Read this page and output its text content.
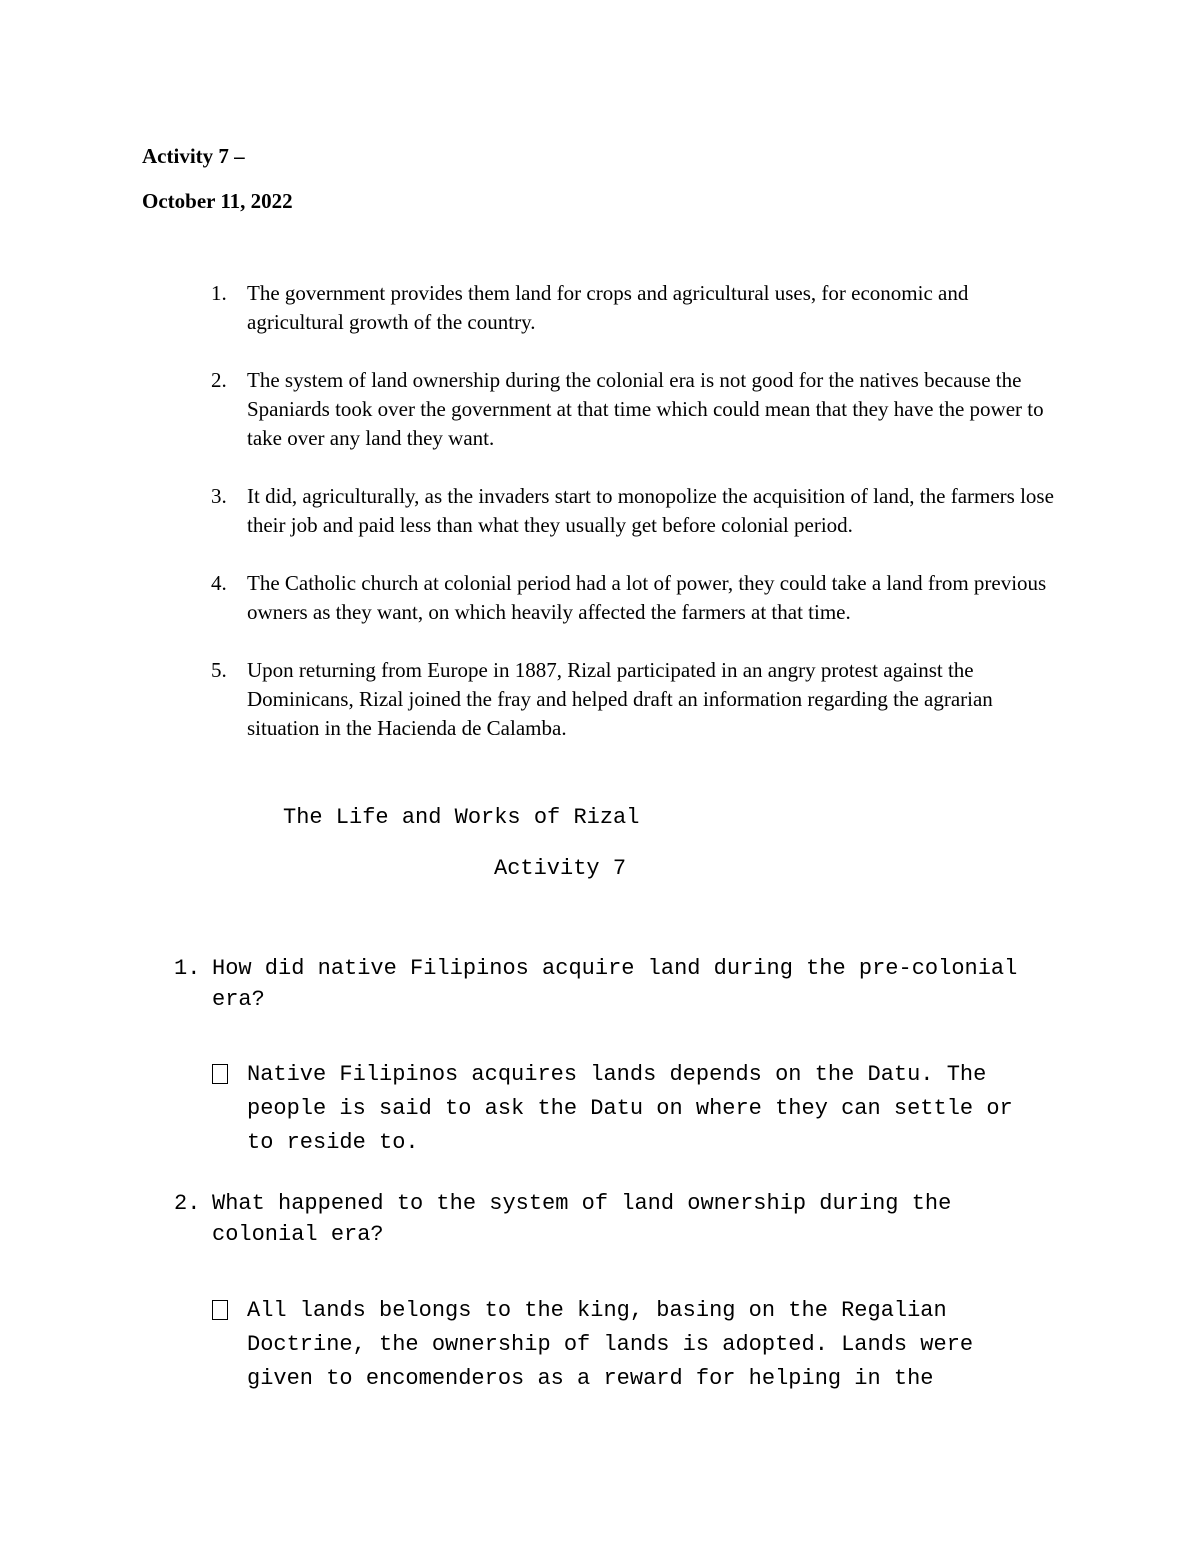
Activity 7 –
October 11, 2022
1. The government provides them land for crops and agricultural uses, for economic and agricultural growth of the country.
2. The system of land ownership during the colonial era is not good for the natives because the Spaniards took over the government at that time which could mean that they have the power to take over any land they want.
3. It did, agriculturally, as the invaders start to monopolize the acquisition of land, the farmers lose their job and paid less than what they usually get before colonial period.
4. The Catholic church at colonial period had a lot of power, they could take a land from previous owners as they want, on which heavily affected the farmers at that time.
5. Upon returning from Europe in 1887, Rizal participated in an angry protest against the Dominicans, Rizal joined the fray and helped draft an information regarding the agrarian situation in the Hacienda de Calamba.
The Life and Works of Rizal
Activity 7
1. How did native Filipinos acquire land during the pre-colonial era?
Native Filipinos acquires lands depends on the Datu. The people is said to ask the Datu on where they can settle or to reside to.
2. What happened to the system of land ownership during the colonial era?
All lands belongs to the king, basing on the Regalian Doctrine, the ownership of lands is adopted. Lands were given to encomenderos as a reward for helping in the
